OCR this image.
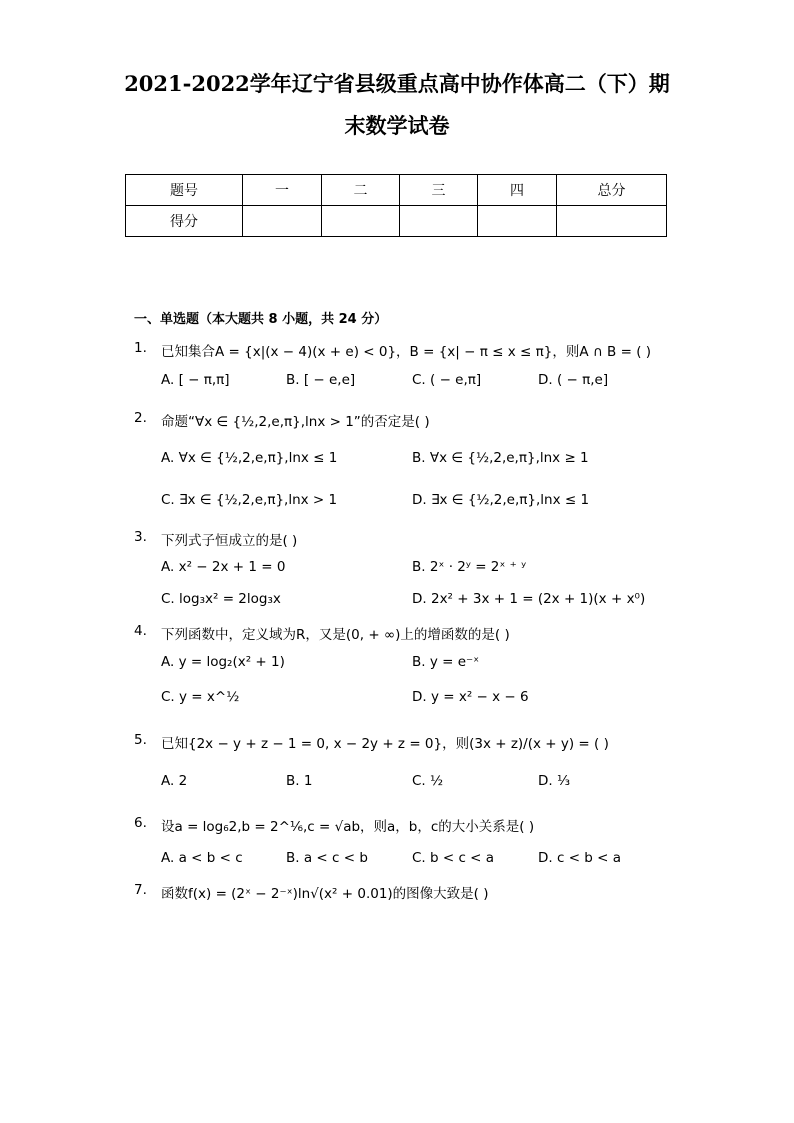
2021-2022学年辽宁省县级重点高中协作体高二（下）期
末数学试卷
题号	一	二	三	四	总分
得分					
一、单选题（本大题共 8 小题，共 24 分）
1. 已知集合A = {x|(x − 4)(x + e) < 0}，B = {x| − π ≤ x ≤ π}，则A ∩ B = ( )
A. [ − π,π]	B. [ − e,e]	C. ( − e,π]	D. ( − π,e]
2. 命题“∀x ∈ {½,2,e,π},lnx > 1”的否定是( )
A. ∀x ∈ {½,2,e,π},lnx ≤ 1	B. ∀x ∈ {½,2,e,π},lnx ≥ 1
C. ∃x ∈ {½,2,e,π},lnx > 1	D. ∃x ∈ {½,2,e,π},lnx ≤ 1
3. 下列式子恒成立的是( )
A. x² − 2x + 1 = 0	B. 2ˣ · 2ʸ = 2ˣ ⁺ ʸ
C. log₃x² = 2log₃x	D. 2x² + 3x + 1 = (2x + 1)(x + x⁰)
4. 下列函数中，定义域为R，又是(0, + ∞)上的增函数的是( )
A. y = log₂(x² + 1)	B. y = e⁻ˣ
C. y = x^½	D. y = x² − x − 6
5. 已知{2x − y + z − 1 = 0, x − 2y + z = 0}，则(3x + z)/(x + y) = ( )
A. 2	B. 1	C. ½	D. ⅓
6. 设a = log₆2,b = 2^⅙,c = √ab，则a，b，c的大小关系是( )
A. a < b < c	B. a < c < b	C. b < c < a	D. c < b < a
7. 函数f(x) = (2ˣ − 2⁻ˣ)ln√(x² + 0.01)的图像大致是( )
